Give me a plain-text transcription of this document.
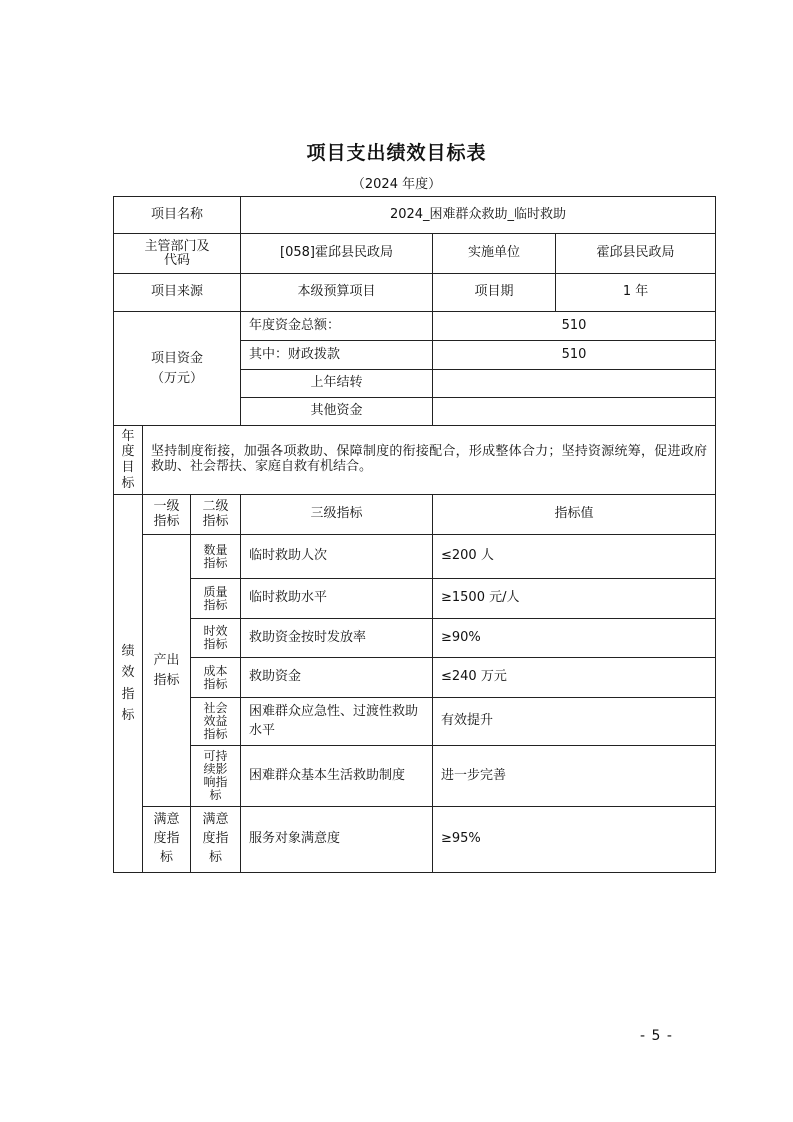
项目支出绩效目标表
（2024 年度）
项目名称			2024_困难群众救助_临时救助		

主管部门及代码			[058]霍邱县民政局	实施单位	霍邱县民政局
项目来源			本级预算项目	项目期	1 年

项目资金（万元）			年度资金总额：	510	
			其中：财政拨款	510	
			上年结转		
			其他资金		

年度目标	坚持制度衔接，加强各项救助、保障制度的衔接配合，形成整体合力；坚持资源统筹，促进政府救助、社会帮扶、家庭自救有机结合。				

绩效指标	一级指标	二级指标	三级指标	指标值	

	产出指标	数量指标	临时救助人次	≤200 人	

		质量指标	临时救助水平	≥1500 元/人	

		时效指标	救助资金按时发放率	≥90%	

		成本指标	救助资金	≤240 万元	

		社会效益指标	困难群众应急性、过渡性救助水平	有效提升	

		可持续影响指标	困难群众基本生活救助制度	进一步完善	

	满意度指标	满意度指标	服务对象满意度	≥95%	
- 5 -
